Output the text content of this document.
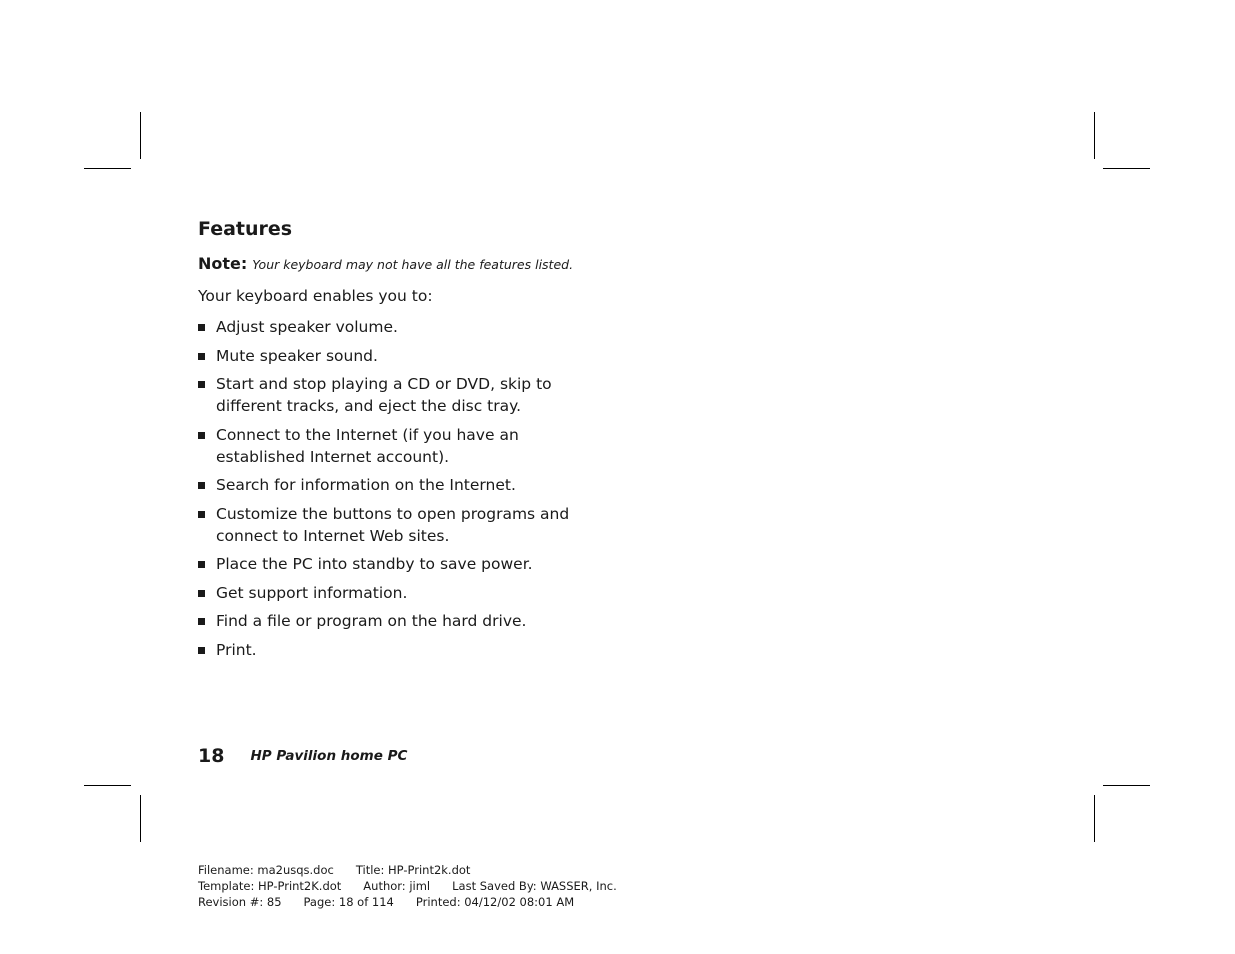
Features

Note: Your keyboard may not have all the features listed.

Your keyboard enables you to:

Adjust speaker volume.
Mute speaker sound.
Start and stop playing a CD or DVD, skip to different tracks, and eject the disc tray.
Connect to the Internet (if you have an established Internet account).
Search for information on the Internet.
Customize the buttons to open programs and connect to Internet Web sites.
Place the PC into standby to save power.
Get support information.
Find a file or program on the hard drive.
Print.
18 HP Pavilion home PC
Filename: ma2usqs.doc Title: HP-Print2k.dot
Template: HP-Print2K.dot Author: jiml Last Saved By: WASSER, Inc.
Revision #: 85 Page: 18 of 114 Printed: 04/12/02 08:01 AM
